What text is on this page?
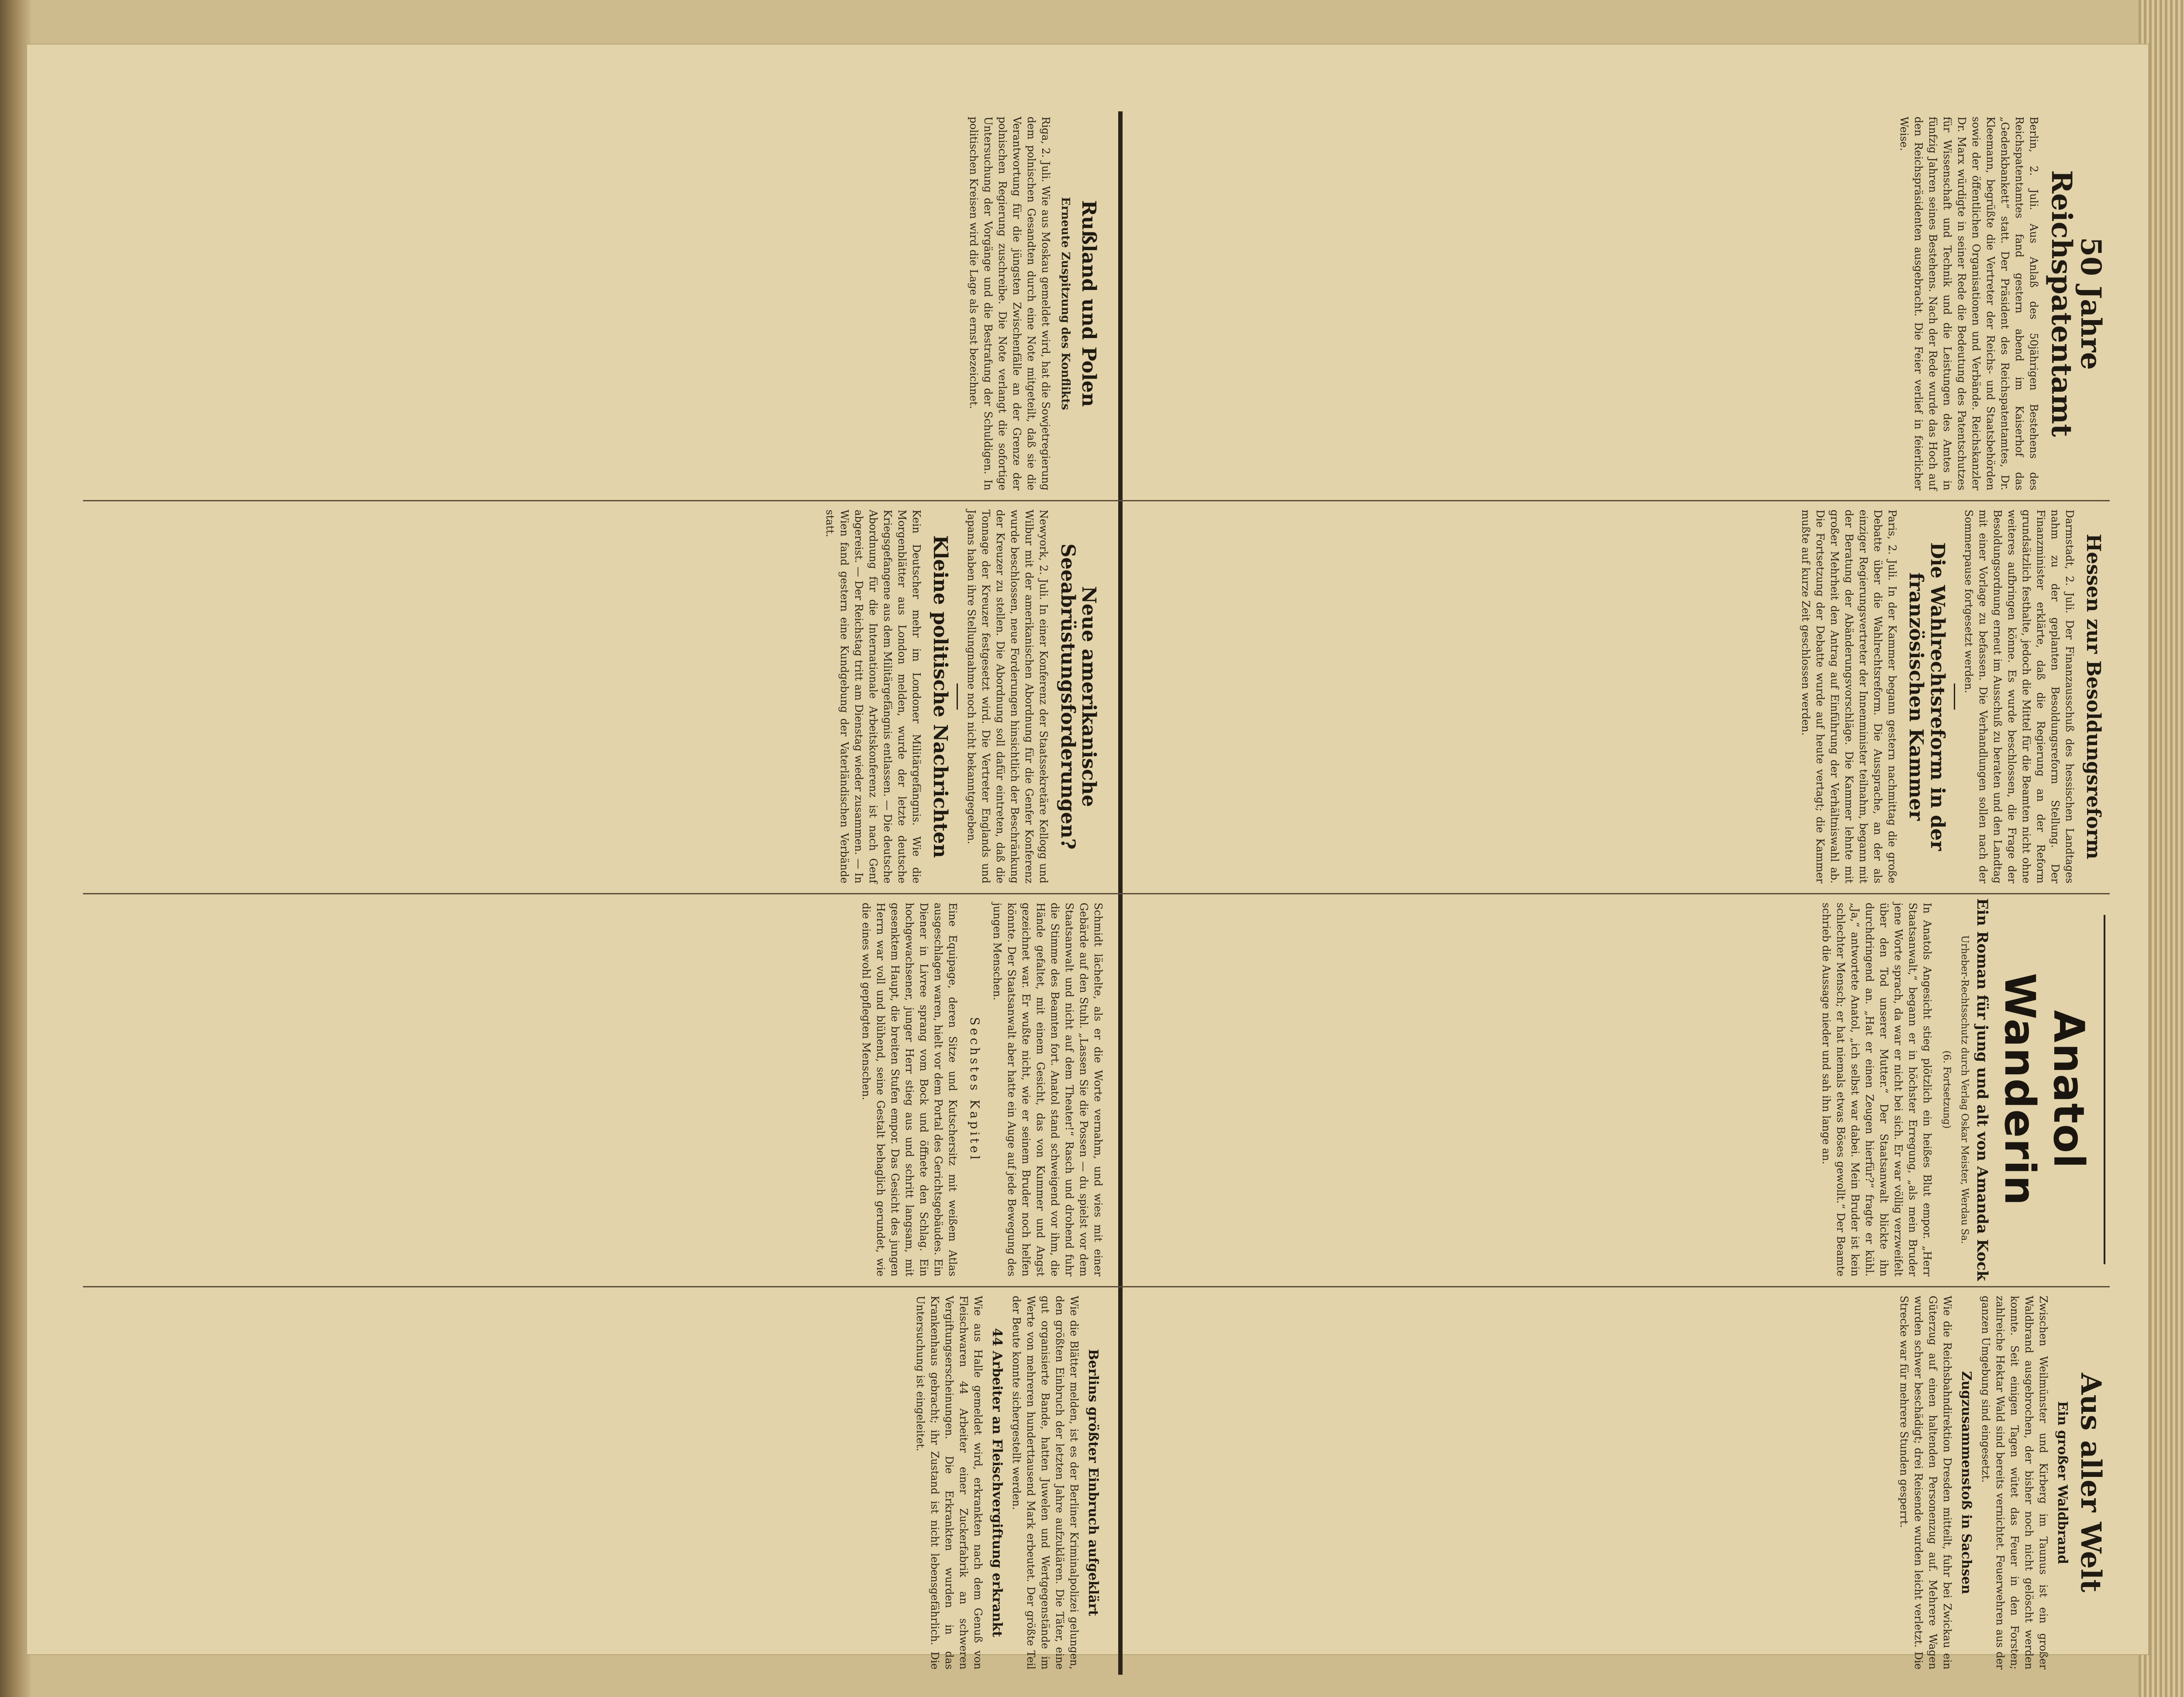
50 Jahre Reichspatentamt

Berlin, 2. Juli. Aus Anlaß des 50jährigen Bestehens des Reichspatentamtes fand gestern abend im Kaiserhof das „Gedenkbankett“ statt. Der Präsident des Reichspatentamtes, Dr. Kleemann, begrüßte die Vertreter der Reichs- und Staatsbehörden sowie der öffentlichen Organisationen und Verbände. Reichskanzler Dr. Marx würdigte in seiner Rede die Bedeutung des Patentschutzes für Wissenschaft und Technik und die Leistungen des Amtes in fünfzig Jahren seines Bestehens. Nach der Rede wurde das Hoch auf den Reichspräsidenten ausgebracht. Die Feier verlief in feierlicher Weise.

Rußland und Polen
Erneute Zuspitzung des Konflikts

Riga, 2. Juli. Wie aus Moskau gemeldet wird, hat die Sowjetregierung dem polnischen Gesandten durch eine Note mitgeteilt, daß sie die Verantwortung für die jüngsten Zwischenfälle an der Grenze der polnischen Regierung zuschreibe. Die Note verlangt die sofortige Untersuchung der Vorgänge und die Bestrafung der Schuldigen. In politischen Kreisen wird die Lage als ernst bezeichnet.

Hessen zur Besoldungsreform

Darmstadt, 2. Juli. Der Finanzausschuß des hessischen Landtages nahm zu der geplanten Besoldungsreform Stellung. Der Finanzminister erklärte, daß die Regierung an der Reform grundsätzlich festhalte, jedoch die Mittel für die Beamten nicht ohne weiteres aufbringen könne. Es wurde beschlossen, die Frage der Besoldungsordnung erneut im Ausschuß zu beraten und den Landtag mit einer Vorlage zu befassen. Die Verhandlungen sollen nach der Sommerpause fortgesetzt werden.

Die Wahlrechtsreform in der französischen Kammer

Paris, 2. Juli. In der Kammer begann gestern nachmittag die große Debatte über die Wahlrechtsreform. Die Aussprache, an der als einziger Regierungsvertreter der Innenminister teilnahm, begann mit der Beratung der Abänderungsvorschläge. Die Kammer lehnte mit großer Mehrheit den Antrag auf Einführung der Verhältniswahl ab. Die Fortsetzung der Debatte wurde auf heute vertagt; die Kammer mußte auf kurze Zeit geschlossen werden.

Neue amerikanische Seeabrüstungsforderungen?

Newyork, 2. Juli. In einer Konferenz der Staatssekretäre Kellogg und Wilbur mit der amerikanischen Abordnung für die Genfer Konferenz wurde beschlossen, neue Forderungen hinsichtlich der Beschränkung der Kreuzer zu stellen. Die Abordnung soll dafür eintreten, daß die Tonnage der Kreuzer festgesetzt wird. Die Vertreter Englands und Japans haben ihre Stellungnahme noch nicht bekanntgegeben.

Kleine politische Nachrichten

Kein Deutscher mehr im Londoner Militärgefängnis. Wie die Morgenblätter aus London melden, wurde der letzte deutsche Kriegsgefangene aus dem Militärgefängnis entlassen. — Die deutsche Abordnung für die Internationale Arbeitskonferenz ist nach Genf abgereist. — Der Reichstag tritt am Dienstag wieder zusammen. — In Wien fand gestern eine Kundgebung der Vaterländischen Verbände statt.

Anatol Wanderin
Ein Roman für jung und alt von Amanda Kock
Urheber-Rechtsschutz durch Verlag Oskar Meister, Werdau Sa.
(6. Fortsetzung)

In Anatols Angesicht stieg plötzlich ein heißes Blut empor. „Herr Staatsanwalt,“ begann er in höchster Erregung, „als mein Bruder jene Worte sprach, da war er nicht bei sich. Er war völlig verzweifelt über den Tod unserer Mutter.“ Der Staatsanwalt blickte ihn durchdringend an. „Hat er einen Zeugen hierfür?“ fragte er kühl. „Ja,“ antwortete Anatol, „ich selbst war dabei. Mein Bruder ist kein schlechter Mensch; er hat niemals etwas Böses gewollt.“ Der Beamte schrieb die Aussage nieder und sah ihn lange an.

Schmidt lächelte, als er die Worte vernahm, und wies mit einer Gebärde auf den Stuhl. „Lassen Sie die Possen — du spielst vor dem Staatsanwalt und nicht auf dem Theater!“ Rasch und drohend fuhr die Stimme des Beamten fort. Anatol stand schweigend vor ihm, die Hände gefaltet, mit einem Gesicht, das von Kummer und Angst gezeichnet war. Er wußte nicht, wie er seinem Bruder noch helfen könnte. Der Staatsanwalt aber hatte ein Auge auf jede Bewegung des jungen Menschen.

Sechstes Kapitel

Eine Equipage, deren Sitze und Kutschersitz mit weißem Atlas ausgeschlagen waren, hielt vor dem Portal des Gerichtsgebäudes. Ein Diener in Livree sprang vom Bock und öffnete den Schlag. Ein hochgewachsener, junger Herr stieg aus und schritt langsam, mit gesenktem Haupt, die breiten Stufen empor. Das Gesicht des jungen Herrn war voll und blühend, seine Gestalt behaglich gerundet, wie die eines wohl gepflegten Menschen.

Aus aller Welt
Ein großer Waldbrand

Zwischen Weilmünster und Kirberg im Taunus ist ein großer Waldbrand ausgebrochen, der bisher noch nicht gelöscht werden konnte. Seit einigen Tagen wütet das Feuer in den Forsten; zahlreiche Hektar Wald sind bereits vernichtet. Feuerwehren aus der ganzen Umgebung sind eingesetzt.

Zugzusammenstoß in Sachsen

Wie die Reichsbahndirektion Dresden mitteilt, fuhr bei Zwickau ein Güterzug auf einen haltenden Personenzug auf. Mehrere Wagen wurden schwer beschädigt; drei Reisende wurden leicht verletzt. Die Strecke war für mehrere Stunden gesperrt.

Berlins größter Einbruch aufgeklärt

Wie die Blätter melden, ist es der Berliner Kriminalpolizei gelungen, den größten Einbruch der letzten Jahre aufzuklären. Die Täter, eine gut organisierte Bande, hatten Juwelen und Wertgegenstände im Werte von mehreren hunderttausend Mark erbeutet. Der größte Teil der Beute konnte sichergestellt werden.

44 Arbeiter an Fleischvergiftung erkrankt

Wie aus Halle gemeldet wird, erkrankten nach dem Genuß von Fleischwaren 44 Arbeiter einer Zuckerfabrik an schweren Vergiftungserscheinungen. Die Erkrankten wurden in das Krankenhaus gebracht; ihr Zustand ist nicht lebensgefährlich. Die Untersuchung ist eingeleitet.
